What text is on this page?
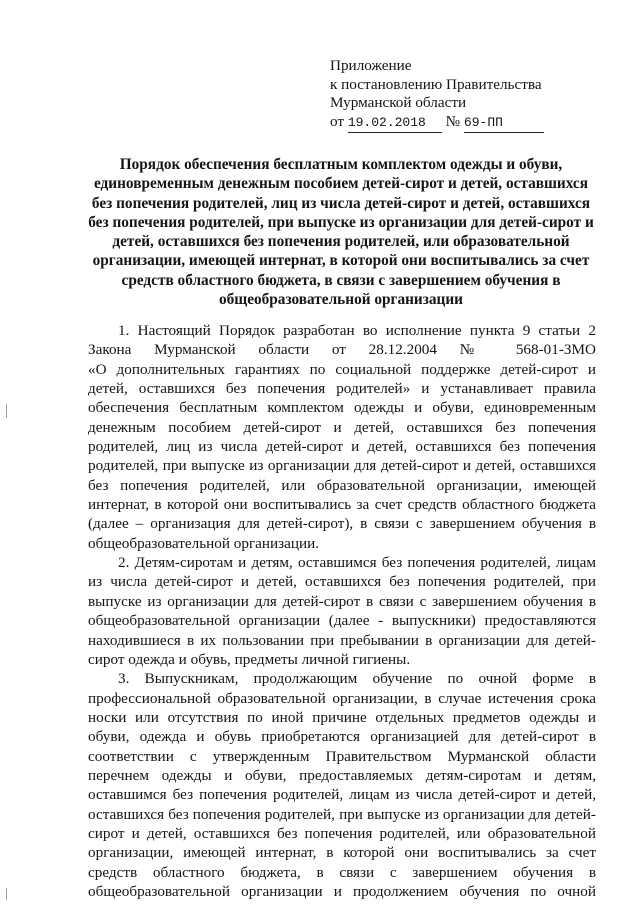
Приложение
к постановлению Правительства
Мурманской области
от 19.02.2018 № 69-ПП
Порядок обеспечения бесплатным комплектом одежды и обуви,
единовременным денежным пособием детей-сирот и детей, оставшихся
без попечения родителей, лиц из числа детей-сирот и детей, оставшихся
без попечения родителей, при выпуске из организации для детей-сирот и
детей, оставшихся без попечения родителей, или образовательной
организации, имеющей интернат, в которой они воспитывались за счет
средств областного бюджета, в связи с завершением обучения в
общеобразовательной организации
1. Настоящий Порядок разработан во исполнение пункта 9 статьи 2
Закона Мурманской области от 28.12.2004 № 568-01-ЗМО
«О дополнительных гарантиях по социальной поддержке детей-сирот и
детей, оставшихся без попечения родителей» и устанавливает правила
обеспечения бесплатным комплектом одежды и обуви, единовременным
денежным пособием детей-сирот и детей, оставшихся без попечения
родителей, лиц из числа детей-сирот и детей, оставшихся без попечения
родителей, при выпуске из организации для детей-сирот и детей, оставшихся
без попечения родителей, или образовательной организации, имеющей
интернат, в которой они воспитывались за счет средств областного бюджета
(далее – организация для детей-сирот), в связи с завершением обучения в
общеобразовательной организации.
2. Детям-сиротам и детям, оставшимся без попечения родителей, лицам
из числа детей-сирот и детей, оставшихся без попечения родителей, при
выпуске из организации для детей-сирот в связи с завершением обучения в
общеобразовательной организации (далее - выпускники) предоставляются
находившиеся в их пользовании при пребывании в организации для детей-
сирот одежда и обувь, предметы личной гигиены.
3. Выпускникам, продолжающим обучение по очной форме в
профессиональной образовательной организации, в случае истечения срока
носки или отсутствия по иной причине отдельных предметов одежды и
обуви, одежда и обувь приобретаются организацией для детей-сирот в
соответствии с утвержденным Правительством Мурманской области
перечнем одежды и обуви, предоставляемых детям-сиротам и детям,
оставшимся без попечения родителей, лицам из числа детей-сирот и детей,
оставшихся без попечения родителей, при выпуске из организации для детей-
сирот и детей, оставшихся без попечения родителей, или образовательной
организации, имеющей интернат, в которой они воспитывались за счет
средств областного бюджета, в связи с завершением обучения в
общеобразовательной организации и продолжением обучения по очной
